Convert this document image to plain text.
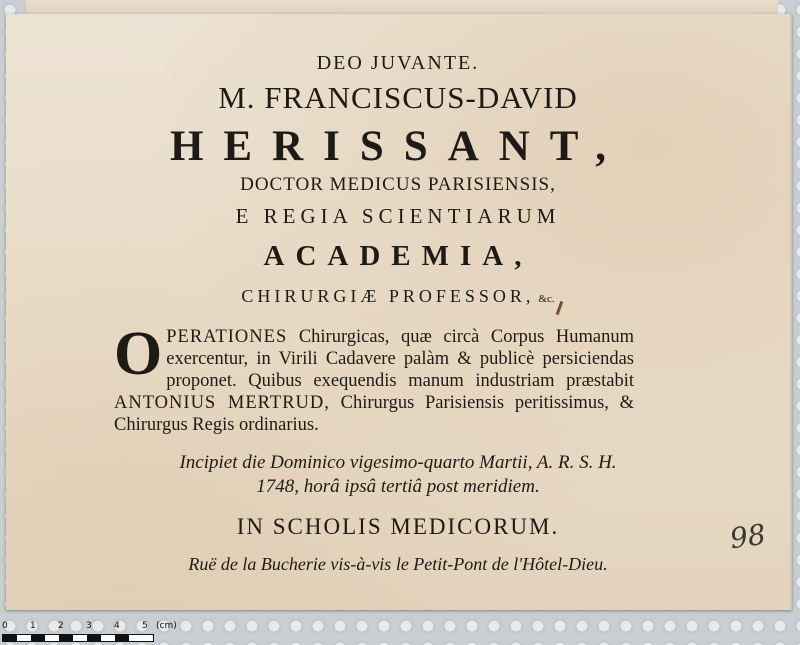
DEO JUVANTE.
M. FRANCISCUS-DAVID
HERISSANT,
DOCTOR MEDICUS PARISIENSIS,
E REGIA SCIENTIARUM
ACADEMIA,
CHIRURGIÆ PROFESSOR, &c.
OPERATIONES Chirurgicas, quæ circà Corpus Humanum exercentur, in Virili Cadavere palàm & publicè persiciendas proponet. Quibus exequendis manum industriam præstabit ANTONIUS MERTRUD, Chirurgus Parisiensis peritissimus, & Chirurgus Regis ordinarius.
Incipiet die Dominico vigesimo-quarto Martii, A. R. S. H.
1748, horâ ipsâ tertiâ post meridiem.
IN SCHOLIS MEDICORUM.
Ruë de la Bucherie vis-à-vis le Petit-Pont de l'Hôtel-Dieu.
98
0 1 2 3 4 5 (cm)
